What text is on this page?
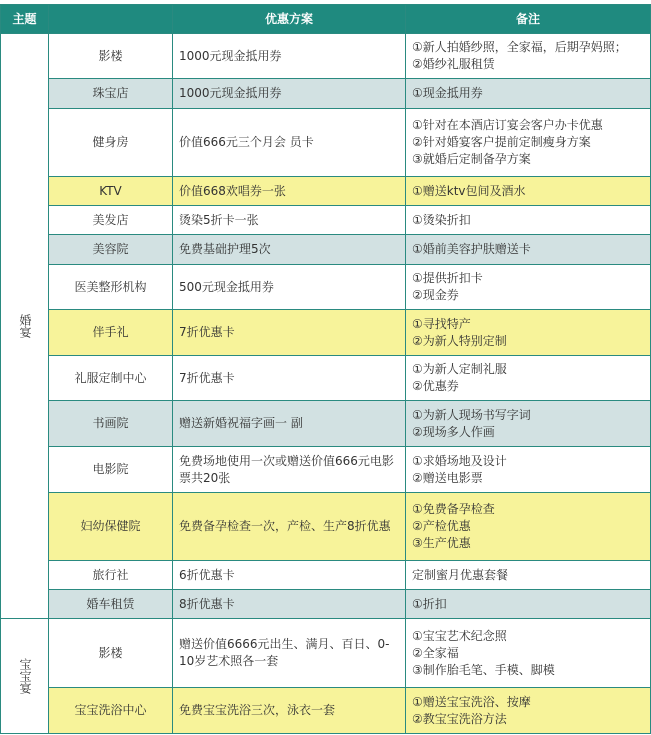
主题		优惠方案	备注
婚宴	影楼	1000元现金抵用券	①新人拍婚纱照，全家福，后期孕妈照；
②婚纱礼服租赁

	珠宝店	1000元现金抵用券	①现金抵用券

	健身房	价值666元三个月会 员卡	①针对在本酒店订宴会客户办卡优惠
②针对婚宴客户提前定制瘦身方案
③就婚后定制备孕方案

	KTV	价值668欢唱券一张	①赠送ktv包间及酒水

	美发店	烫染5折卡一张	①烫染折扣

	美容院	免费基础护理5次	①婚前美容护肤赠送卡

	医美整形机构	500元现金抵用券	①提供折扣卡
②现金券

	伴手礼	7折优惠卡	①寻找特产
②为新人特别定制

	礼服定制中心	7折优惠卡	①为新人定制礼服
②优惠券

	书画院	赠送新婚祝福字画一 副	①为新人现场书写字词
②现场多人作画

	电影院	免费场地使用一次或赠送价值666元电影票共20张	①求婚场地及设计
②赠送电影票

	妇幼保健院	免费备孕检查一次，产检、生产8折优惠	①免费备孕检查
②产检优惠
③生产优惠

	旅行社	6折优惠卡	定制蜜月优惠套餐

	婚车租赁	8折优惠卡	①折扣

宝宝宴	影楼	赠送价值6666元出生、满月、百日、0-10岁艺术照各一套	①宝宝艺术纪念照
②全家福
③制作胎毛笔、手模、脚模

	宝宝洗浴中心	免费宝宝洗浴三次，泳衣一套	①赠送宝宝洗浴、按摩
②教宝宝洗浴方法
